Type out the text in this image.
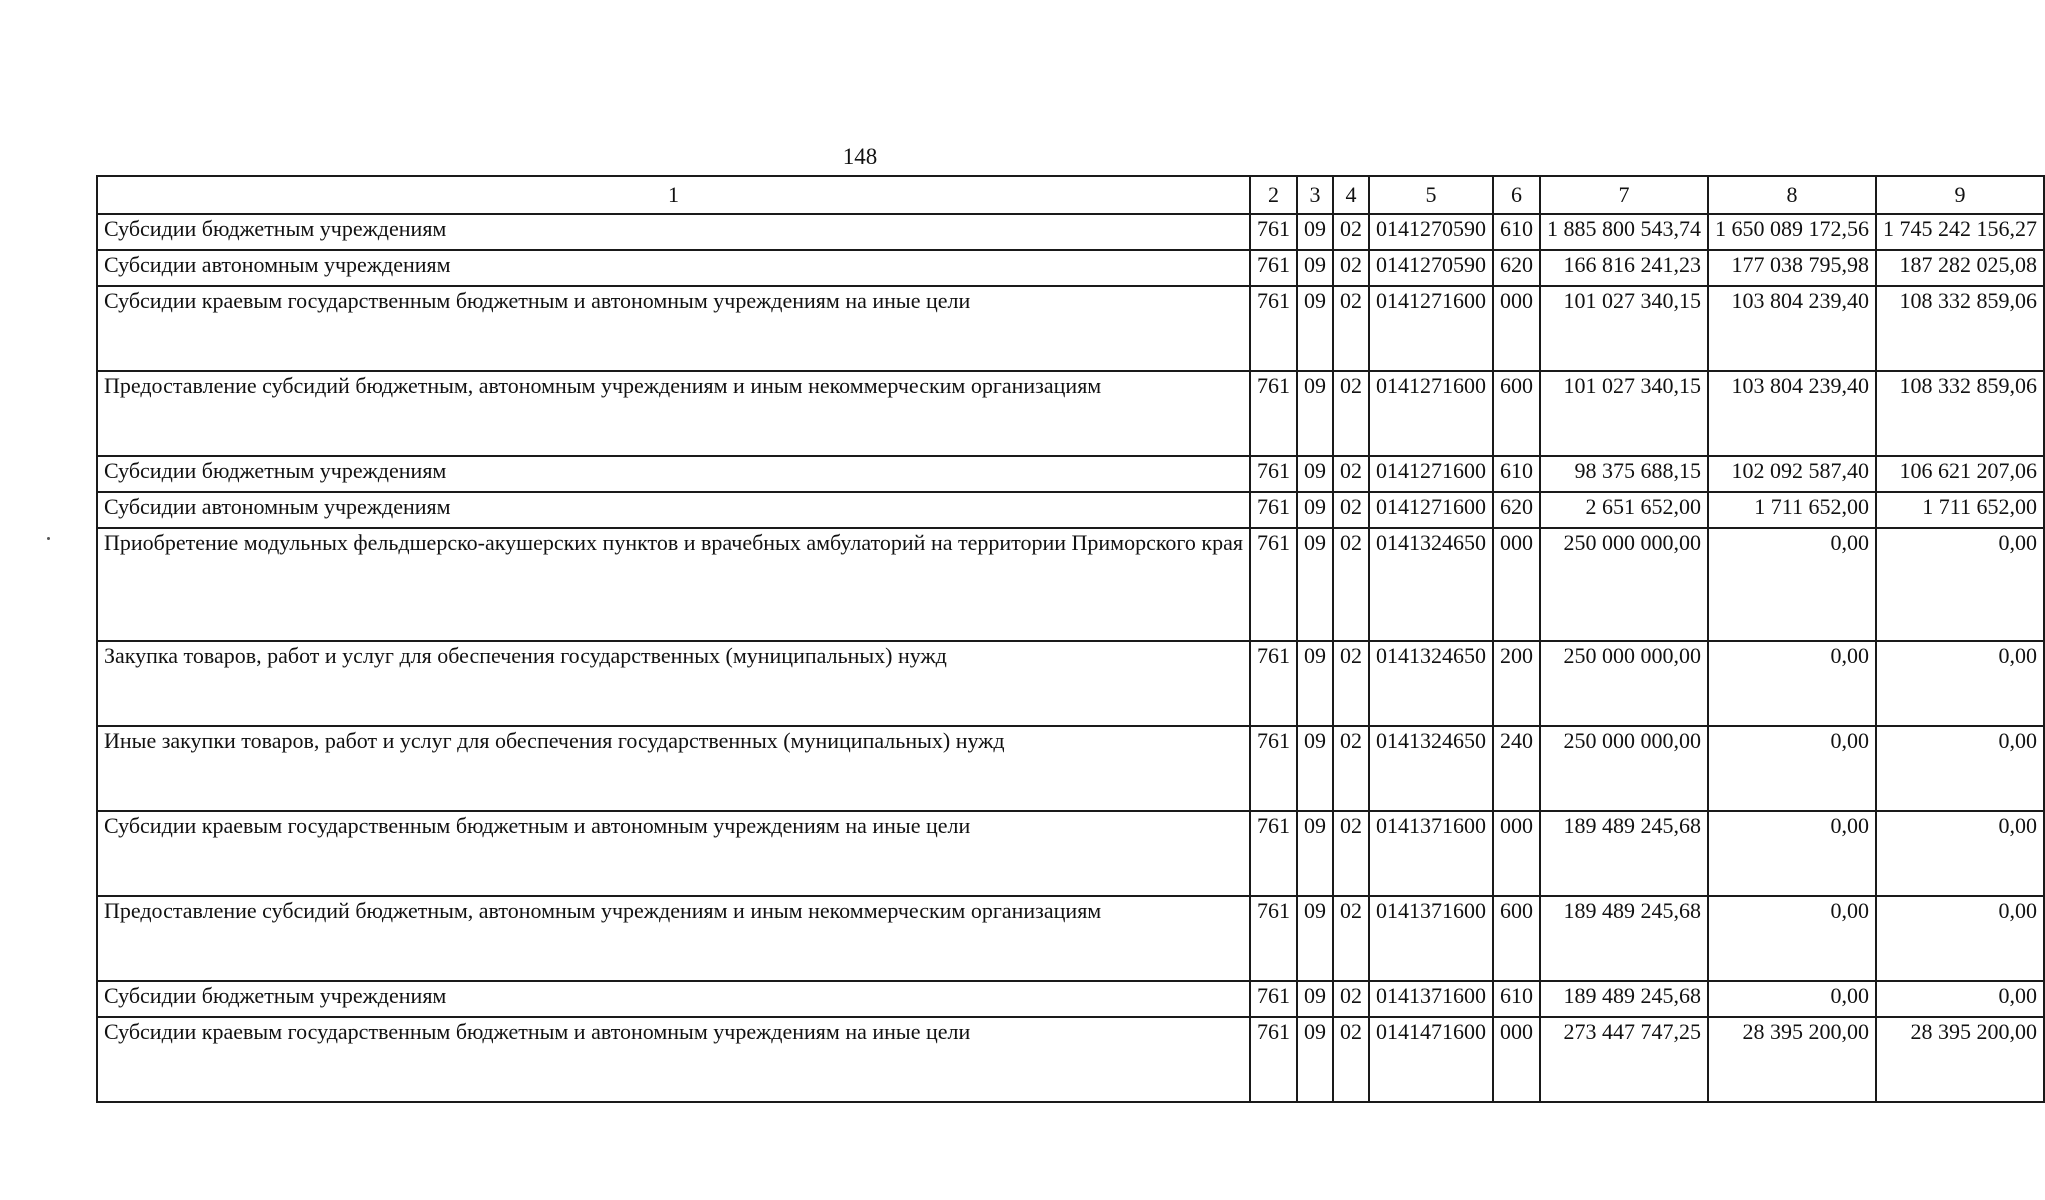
148
1	2	3	4	5	6	7	8	9
Субсидии бюджетным учреждениям	761	09	02	0141270590	610	1 885 800 543,74	1 650 089 172,56	1 745 242 156,27
Субсидии автономным учреждениям	761	09	02	0141270590	620	166 816 241,23	177 038 795,98	187 282 025,08
Субсидии краевым государственным бюджетным и автономным учреждениям на иные цели	761	09	02	0141271600	000	101 027 340,15	103 804 239,40	108 332 859,06
Предоставление субсидий бюджетным, автономным учреждениям и иным некоммерческим организациям	761	09	02	0141271600	600	101 027 340,15	103 804 239,40	108 332 859,06
Субсидии бюджетным учреждениям	761	09	02	0141271600	610	98 375 688,15	102 092 587,40	106 621 207,06
Субсидии автономным учреждениям	761	09	02	0141271600	620	2 651 652,00	1 711 652,00	1 711 652,00
Приобретение модульных фельдшерско-акушерских пунктов и врачебных амбулаторий на территории Приморского края	761	09	02	0141324650	000	250 000 000,00	0,00	0,00
Закупка товаров, работ и услуг для обеспечения государственных (муниципальных) нужд	761	09	02	0141324650	200	250 000 000,00	0,00	0,00
Иные закупки товаров, работ и услуг для обеспечения государственных (муниципальных) нужд	761	09	02	0141324650	240	250 000 000,00	0,00	0,00
Субсидии краевым государственным бюджетным и автономным учреждениям на иные цели	761	09	02	0141371600	000	189 489 245,68	0,00	0,00
Предоставление субсидий бюджетным, автономным учреждениям и иным некоммерческим организациям	761	09	02	0141371600	600	189 489 245,68	0,00	0,00
Субсидии бюджетным учреждениям	761	09	02	0141371600	610	189 489 245,68	0,00	0,00
Субсидии краевым государственным бюджетным и автономным учреждениям на иные цели	761	09	02	0141471600	000	273 447 747,25	28 395 200,00	28 395 200,00
